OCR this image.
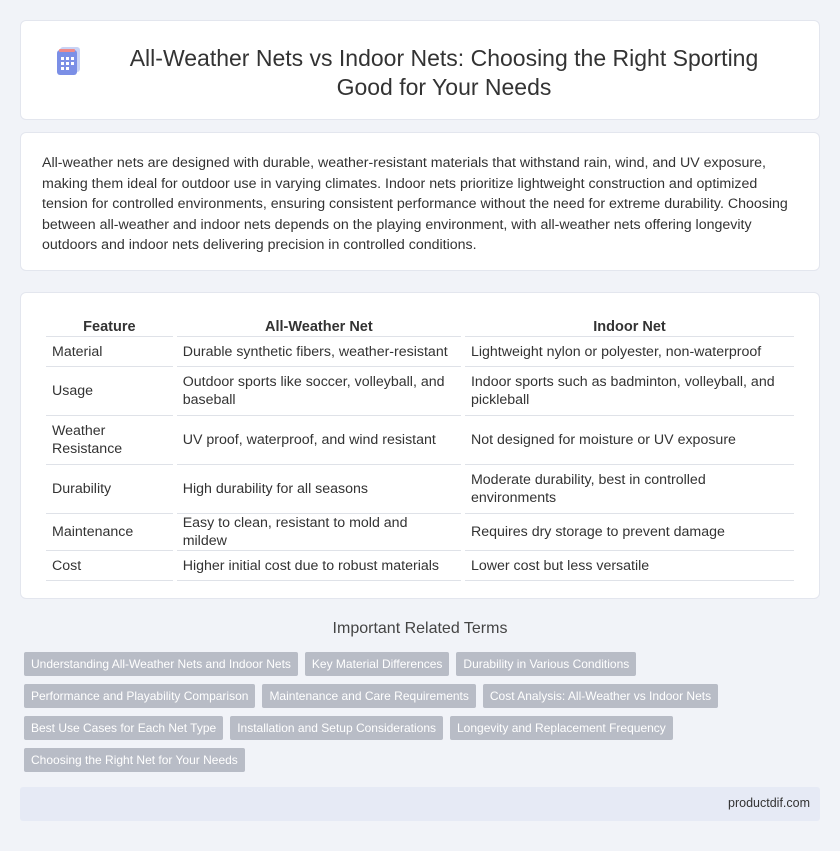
All-Weather Nets vs Indoor Nets: Choosing the Right Sporting Good for Your Needs

All-weather nets are designed with durable, weather-resistant materials that withstand rain, wind, and UV exposure, making them ideal for outdoor use in varying climates. Indoor nets prioritize lightweight construction and optimized tension for controlled environments, ensuring consistent performance without the need for extreme durability. Choosing between all-weather and indoor nets depends on the playing environment, with all-weather nets offering longevity outdoors and indoor nets delivering precision in controlled conditions.

Feature	All-Weather Net	Indoor Net
Material	Durable synthetic fibers, weather-resistant	Lightweight nylon or polyester, non-waterproof
Usage	Outdoor sports like soccer, volleyball, and baseball	Indoor sports such as badminton, volleyball, and pickleball
Weather Resistance	UV proof, waterproof, and wind resistant	Not designed for moisture or UV exposure
Durability	High durability for all seasons	Moderate durability, best in controlled environments
Maintenance	Easy to clean, resistant to mold and mildew	Requires dry storage to prevent damage
Cost	Higher initial cost due to robust materials	Lower cost but less versatile
Important Related Terms
Understanding All-Weather Nets and Indoor Nets	Key Material Differences	Durability in Various Conditions
Performance and Playability Comparison	Maintenance and Care Requirements	Cost Analysis: All-Weather vs Indoor Nets
Best Use Cases for Each Net Type	Installation and Setup Considerations	Longevity and Replacement Frequency
Choosing the Right Net for Your Needs
productdif.com
